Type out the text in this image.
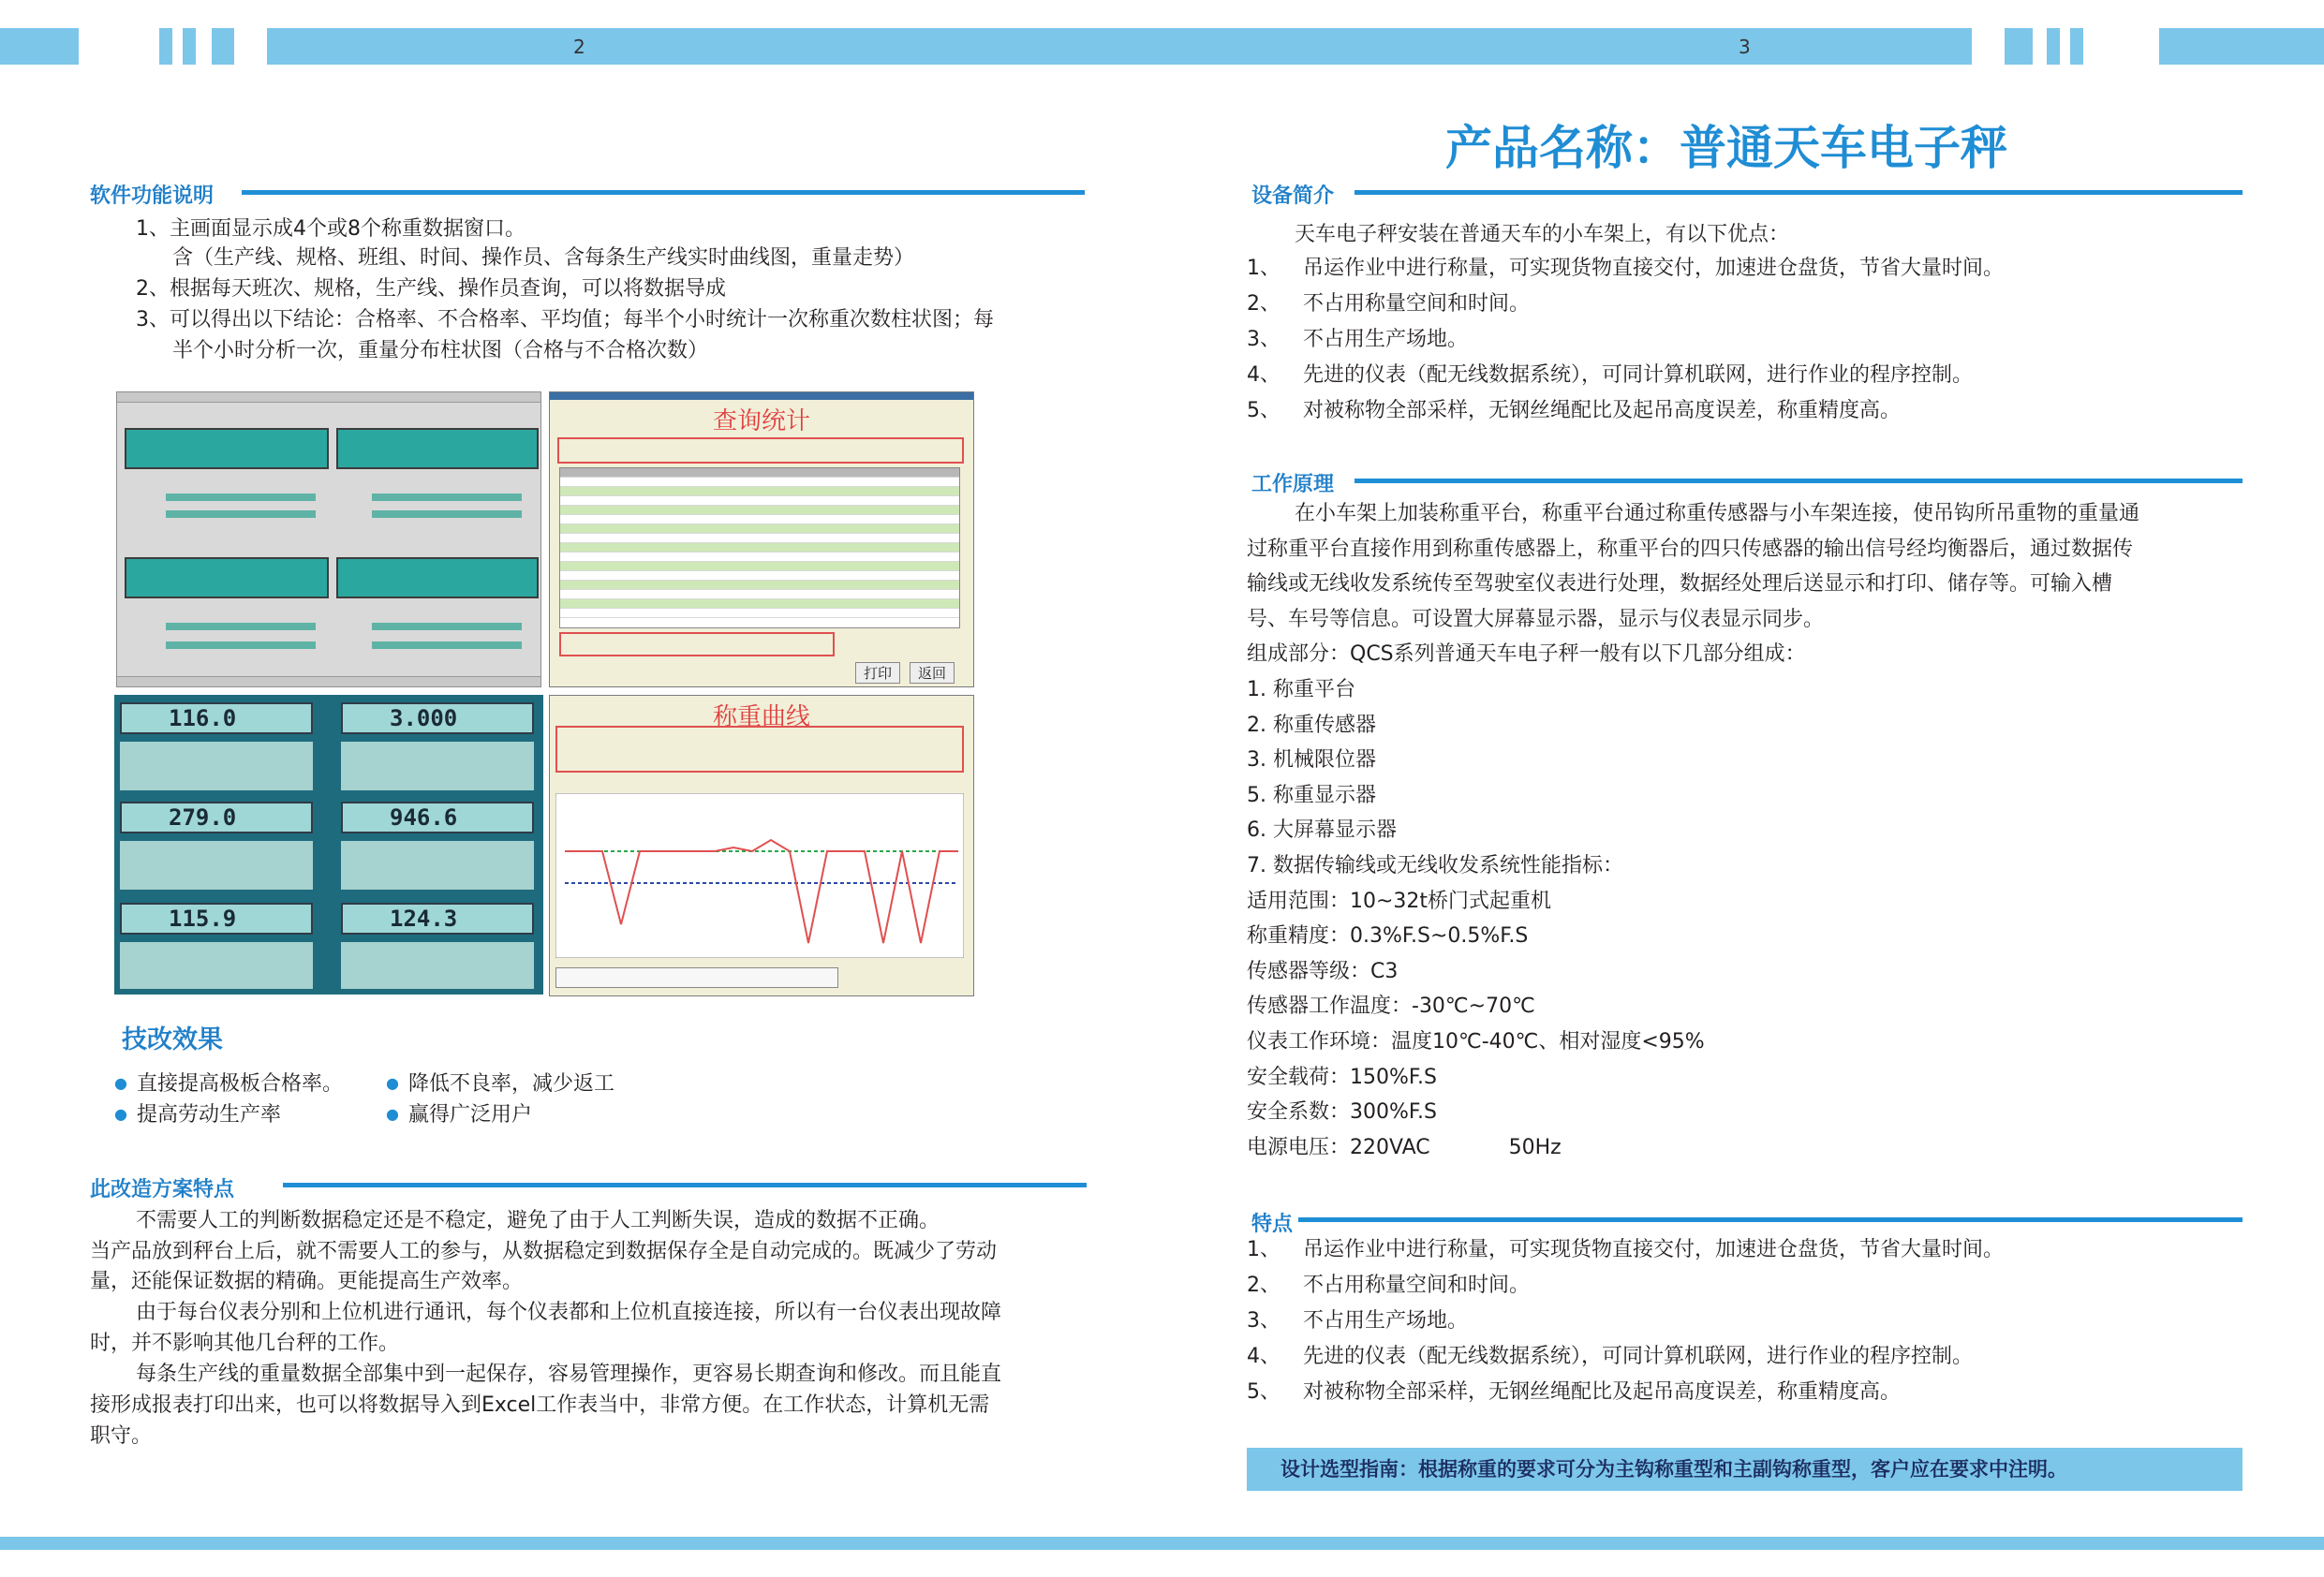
2	3
软件功能说明
1、主画面显示成4个或8个称重数据窗口。
含（生产线、规格、班组、时间、操作员、含每条生产线实时曲线图，重量走势）
2、根据每天班次、规格，生产线、操作员查询，可以将数据导成
3、可以得出以下结论：合格率、不合格率、平均值；每半个小时统计一次称重次数柱状图；每
半个小时分析一次，重量分布柱状图（合格与不合格次数）
查询统计
打印	返回
116.0	3.000
279.0	946.6
115.9	124.3
称重曲线
技改效果
● 直接提高极板合格率。	● 降低不良率，减少返工
● 提高劳动生产率	● 赢得广泛用户
此改造方案特点
不需要人工的判断数据稳定还是不稳定，避免了由于人工判断失误，造成的数据不正确。
当产品放到秤台上后，就不需要人工的参与，从数据稳定到数据保存全是自动完成的。既减少了劳动
量，还能保证数据的精确。更能提高生产效率。
由于每台仪表分别和上位机进行通讯，每个仪表都和上位机直接连接，所以有一台仪表出现故障
时，并不影响其他几台秤的工作。
每条生产线的重量数据全部集中到一起保存，容易管理操作，更容易长期查询和修改。而且能直
接形成报表打印出来，也可以将数据导入到Excel工作表当中，非常方便。在工作状态，计算机无需
职守。
产品名称：普通天车电子秤
设备简介
天车电子秤安装在普通天车的小车架上，有以下优点：
1、 吊运作业中进行称量，可实现货物直接交付，加速进仓盘货，节省大量时间。
2、 不占用称量空间和时间。
3、 不占用生产场地。
4、 先进的仪表（配无线数据系统），可同计算机联网，进行作业的程序控制。
5、 对被称物全部采样，无钢丝绳配比及起吊高度误差，称重精度高。
工作原理
在小车架上加装称重平台，称重平台通过称重传感器与小车架连接，使吊钩所吊重物的重量通
过称重平台直接作用到称重传感器上，称重平台的四只传感器的输出信号经均衡器后，通过数据传
输线或无线收发系统传至驾驶室仪表进行处理，数据经处理后送显示和打印、储存等。可输入槽
号、车号等信息。可设置大屏幕显示器，显示与仪表显示同步。
组成部分：QCS系列普通天车电子秤一般有以下几部分组成：
1. 称重平台
2. 称重传感器
3. 机械限位器
5. 称重显示器
6. 大屏幕显示器
7. 数据传输线或无线收发系统性能指标：
适用范围：10~32t桥门式起重机
称重精度：0.3%F.S~0.5%F.S
传感器等级：C3
传感器工作温度：-30℃~70℃
仪表工作环境：温度10℃-40℃、相对湿度<95%
安全载荷：150%F.S
安全系数：300%F.S
电源电压：220VAC            50Hz
特点
1、 吊运作业中进行称量，可实现货物直接交付，加速进仓盘货，节省大量时间。
2、 不占用称量空间和时间。
3、 不占用生产场地。
4、 先进的仪表（配无线数据系统），可同计算机联网，进行作业的程序控制。
5、 对被称物全部采样，无钢丝绳配比及起吊高度误差，称重精度高。
设计选型指南：根据称重的要求可分为主钩称重型和主副钩称重型，客户应在要求中注明。
